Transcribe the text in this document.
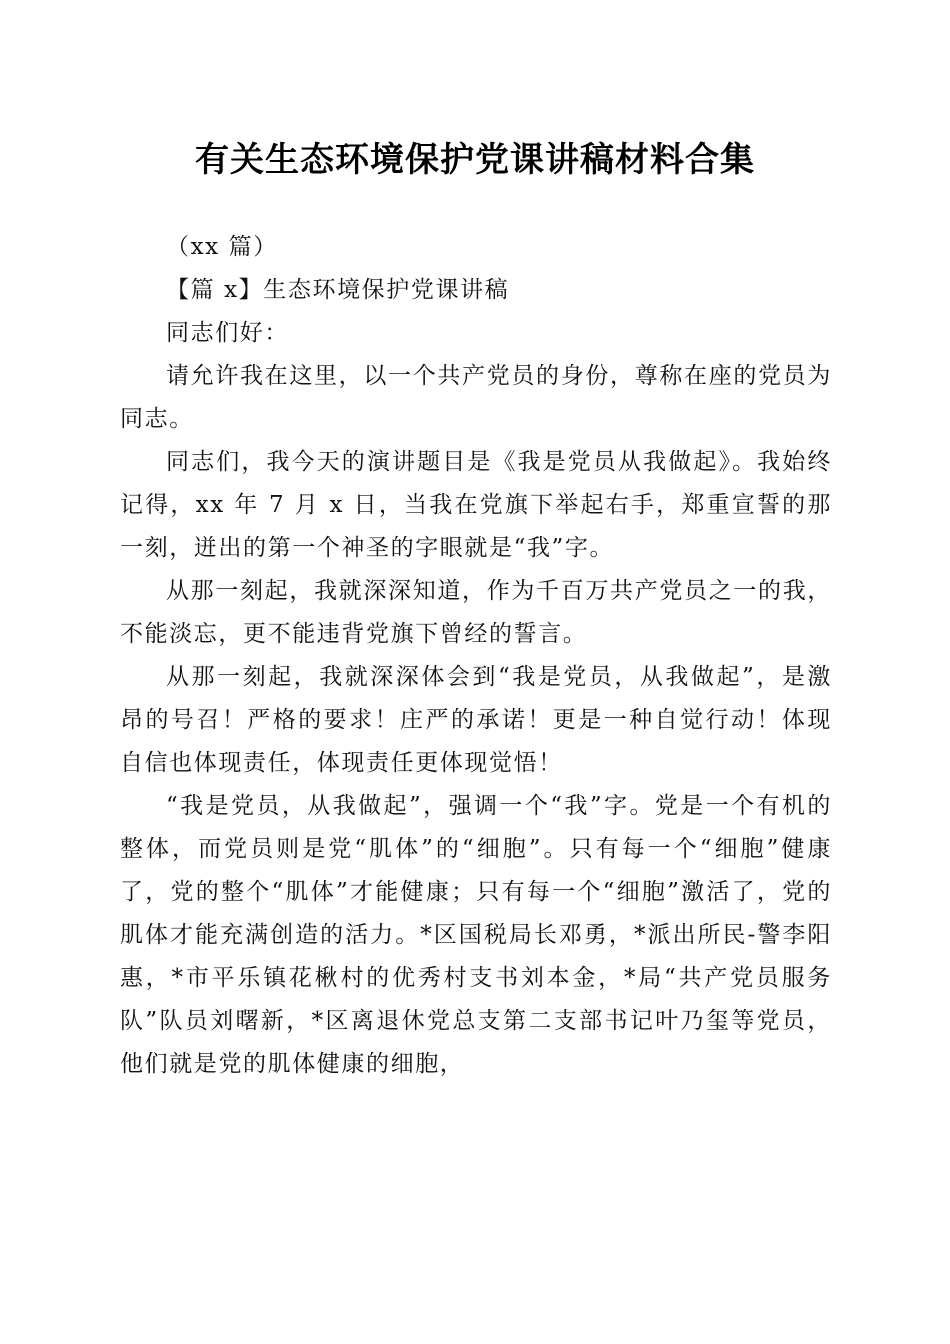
有关生态环境保护党课讲稿材料合集

（xx 篇）

【篇 x】生态环境保护党课讲稿

同志们好：

请允许我在这里，以一个共产党员的身份，尊称在座的党员为同志。

同志们，我今天的演讲题目是《我是党员从我做起》。我始终记得，xx 年 7 月 x 日，当我在党旗下举起右手，郑重宣誓的那一刻，迸出的第一个神圣的字眼就是“我”字。

从那一刻起，我就深深知道，作为千百万共产党员之一的我，不能淡忘，更不能违背党旗下曾经的誓言。

从那一刻起，我就深深体会到“我是党员，从我做起”，是激昂的号召！严格的要求！庄严的承诺！更是一种自觉行动！体现自信也体现责任，体现责任更体现觉悟！

“我是党员，从我做起”，强调一个“我”字。党是一个有机的整体，而党员则是党“肌体”的“细胞”。只有每一个“细胞”健康了，党的整个“肌体”才能健康；只有每一个“细胞”激活了，党的肌体才能充满创造的活力。*区国税局长邓勇，*派出所民-警李阳惠，*市平乐镇花楸村的优秀村支书刘本金，*局“共产党员服务队”队员刘曙新，*区离退休党总支第二支部书记叶乃玺等党员，他们就是党的肌体健康的细胞，
